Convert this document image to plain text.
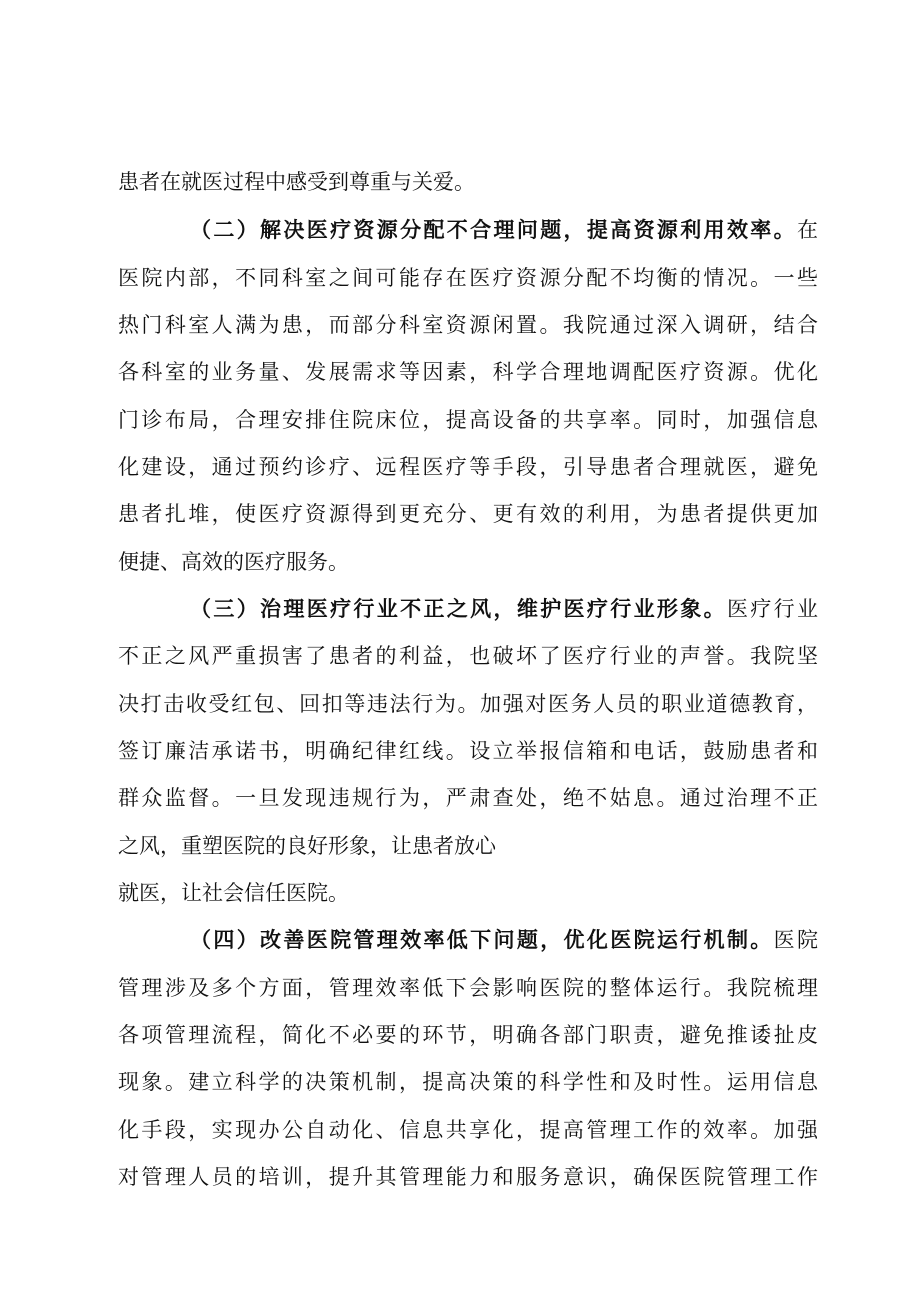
患者在就医过程中感受到尊重与关爱。
（二）解决医疗资源分配不合理问题，提高资源利用效率。在
医院内部，不同科室之间可能存在医疗资源分配不均衡的情况。一些
热门科室人满为患，而部分科室资源闲置。我院通过深入调研，结合
各科室的业务量、发展需求等因素，科学合理地调配医疗资源。优化
门诊布局，合理安排住院床位，提高设备的共享率。同时，加强信息
化建设，通过预约诊疗、远程医疗等手段，引导患者合理就医，避免
患者扎堆，使医疗资源得到更充分、更有效的利用，为患者提供更加
便捷、高效的医疗服务。
（三）治理医疗行业不正之风，维护医疗行业形象。医疗行业
不正之风严重损害了患者的利益，也破坏了医疗行业的声誉。我院坚
决打击收受红包、回扣等违法行为。加强对医务人员的职业道德教育，
签订廉洁承诺书，明确纪律红线。设立举报信箱和电话，鼓励患者和
群众监督。一旦发现违规行为，严肃查处，绝不姑息。通过治理不正
之风，重塑医院的良好形象，让患者放心
就医，让社会信任医院。
（四）改善医院管理效率低下问题，优化医院运行机制。医院
管理涉及多个方面，管理效率低下会影响医院的整体运行。我院梳理
各项管理流程，简化不必要的环节，明确各部门职责，避免推诿扯皮
现象。建立科学的决策机制，提高决策的科学性和及时性。运用信息
化手段，实现办公自动化、信息共享化，提高管理工作的效率。加强
对管理人员的培训，提升其管理能力和服务意识，确保医院管理工作
